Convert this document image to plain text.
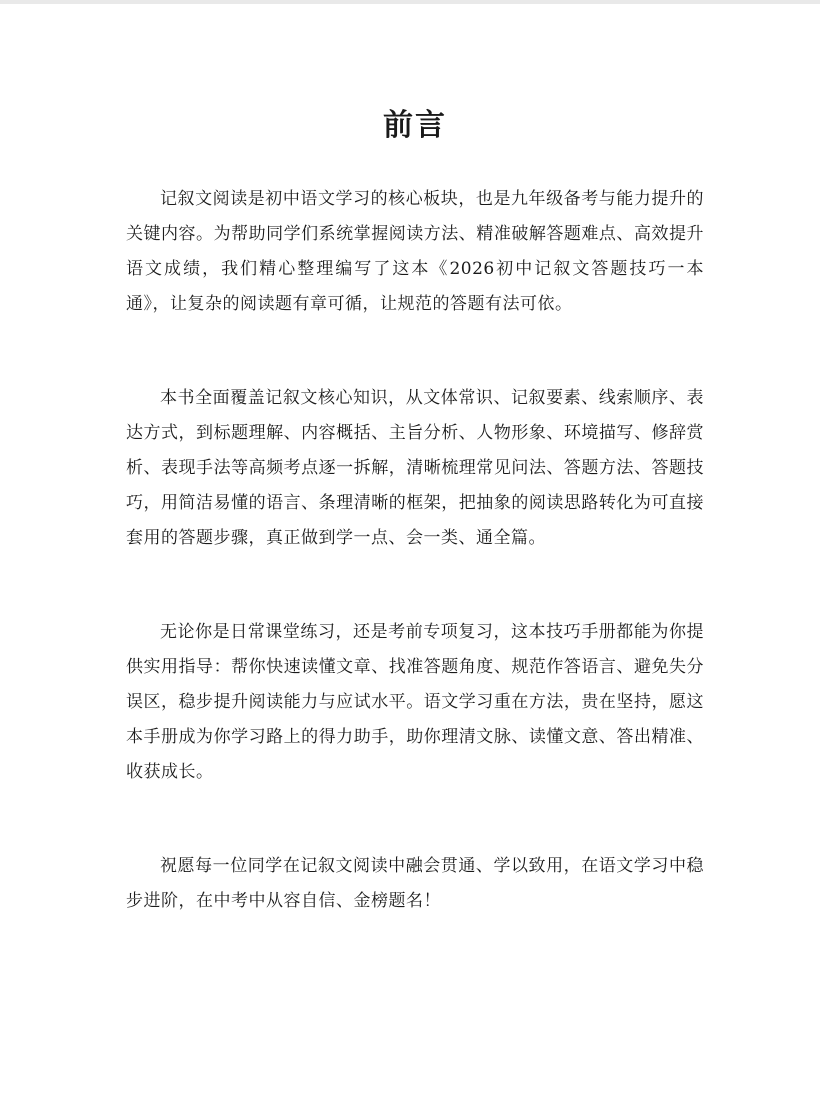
前言

记叙文阅读是初中语文学习的核心板块，也是九年级备考与能力提升的关键内容。为帮助同学们系统掌握阅读方法、精准破解答题难点、高效提升语文成绩，我们精心整理编写了这本《2026初中记叙文答题技巧一本通》，让复杂的阅读题有章可循，让规范的答题有法可依。

本书全面覆盖记叙文核心知识，从文体常识、记叙要素、线索顺序、表达方式，到标题理解、内容概括、主旨分析、人物形象、环境描写、修辞赏析、表现手法等高频考点逐一拆解，清晰梳理常见问法、答题方法、答题技巧，用简洁易懂的语言、条理清晰的框架，把抽象的阅读思路转化为可直接套用的答题步骤，真正做到学一点、会一类、通全篇。

无论你是日常课堂练习，还是考前专项复习，这本技巧手册都能为你提供实用指导：帮你快速读懂文章、找准答题角度、规范作答语言、避免失分误区，稳步提升阅读能力与应试水平。语文学习重在方法，贵在坚持，愿这本手册成为你学习路上的得力助手，助你理清文脉、读懂文意、答出精准、收获成长。

祝愿每一位同学在记叙文阅读中融会贯通、学以致用，在语文学习中稳步进阶，在中考中从容自信、金榜题名！
